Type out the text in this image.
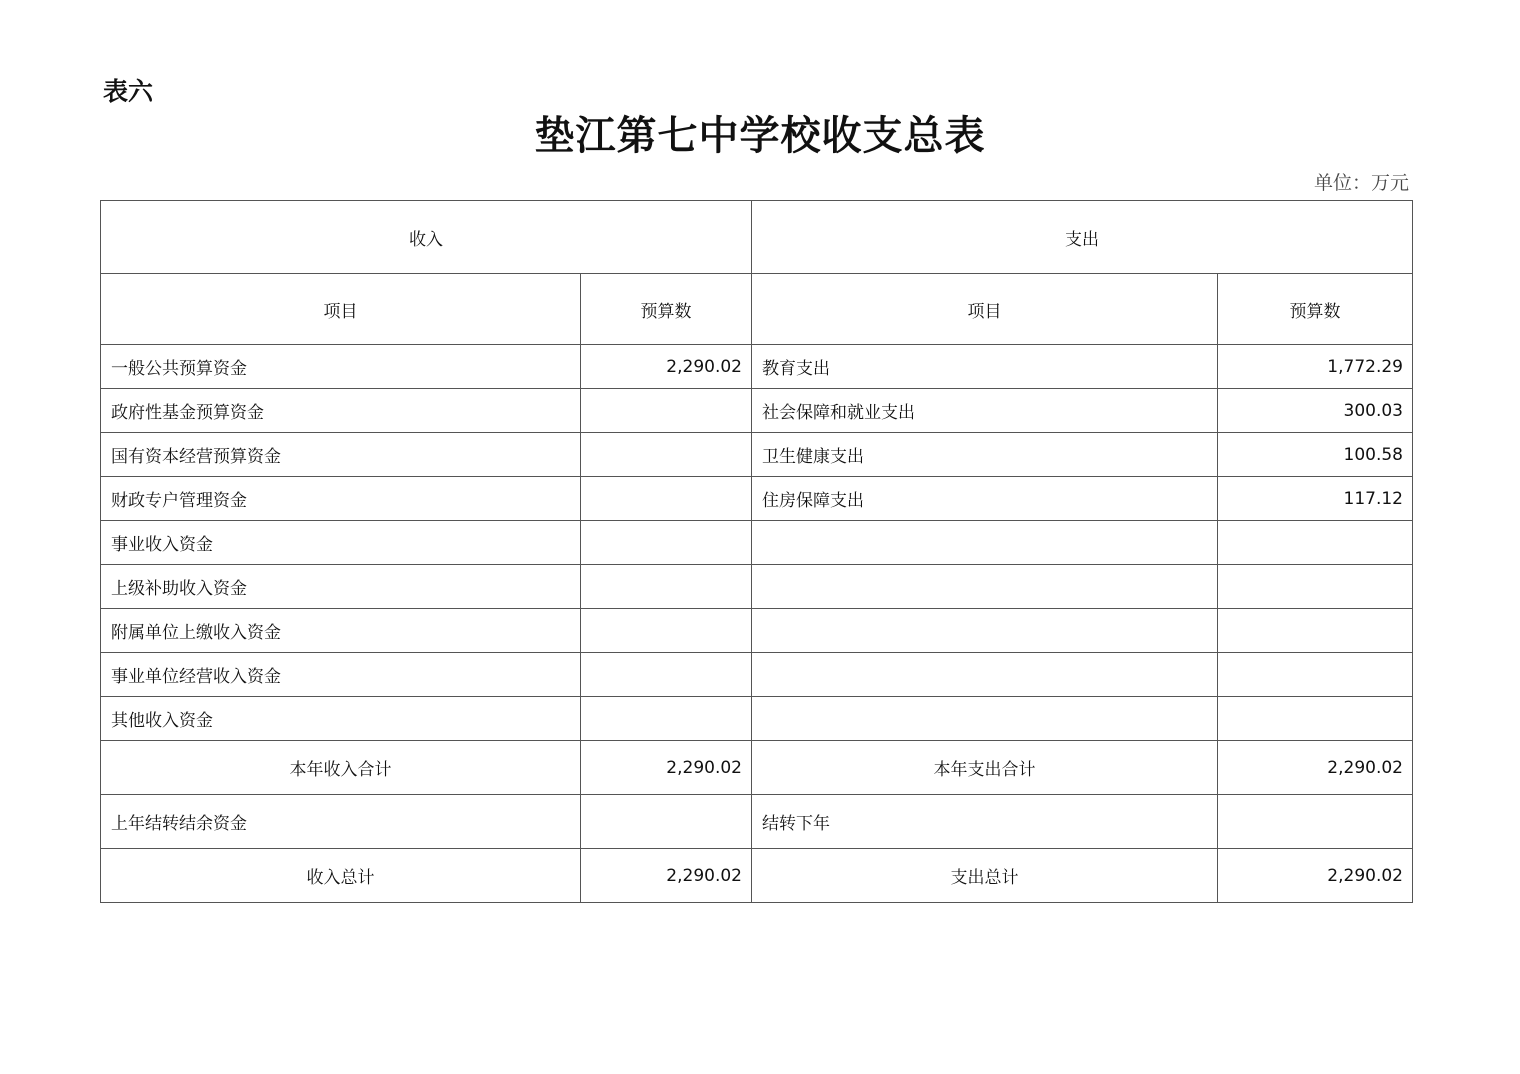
表六
垫江第七中学校收支总表
单位：万元
收入		支出	
项目	预算数	项目	预算数
一般公共预算资金	2,290.02	教育支出	1,772.29
政府性基金预算资金		社会保障和就业支出	300.03
国有资本经营预算资金		卫生健康支出	100.58
财政专户管理资金		住房保障支出	117.12
事业收入资金			
上级补助收入资金			
附属单位上缴收入资金			
事业单位经营收入资金			
其他收入资金			
本年收入合计	2,290.02	本年支出合计	2,290.02
上年结转结余资金		结转下年	
收入总计	2,290.02	支出总计	2,290.02
